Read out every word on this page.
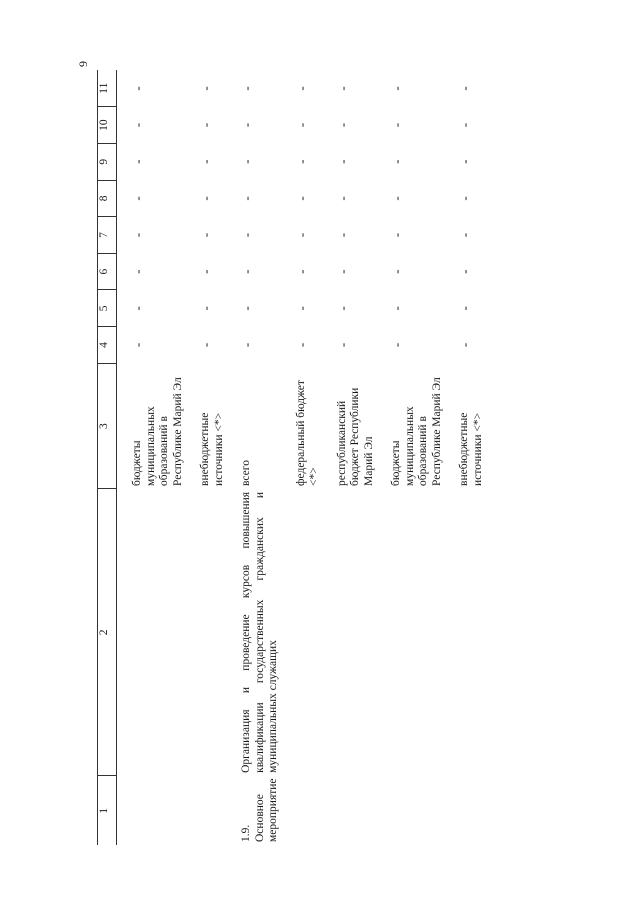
9
1	2	3	4	5	6	7	8	9	10	11

		бюджеты муниципальных образований в Республике Марий Эл	-	-	-	-	-	-	-	-

		внебюджетные источники <*>	-	-	-	-	-	-	-	-

1.9. Основное мероприятие	Организация и проведение курсов повышения квалификации государственных гражданских и муниципальных служащих	всего	-	-	-	-	-	-	-	-

		федеральный бюджет <*>	-	-	-	-	-	-	-	-

		республиканский бюджет Республики Марий Эл	-	-	-	-	-	-	-	-

		бюджеты муниципальных образований в Республике Марий Эл	-	-	-	-	-	-	-	-

		внебюджетные источники <*>	-	-	-	-	-	-	-	-
